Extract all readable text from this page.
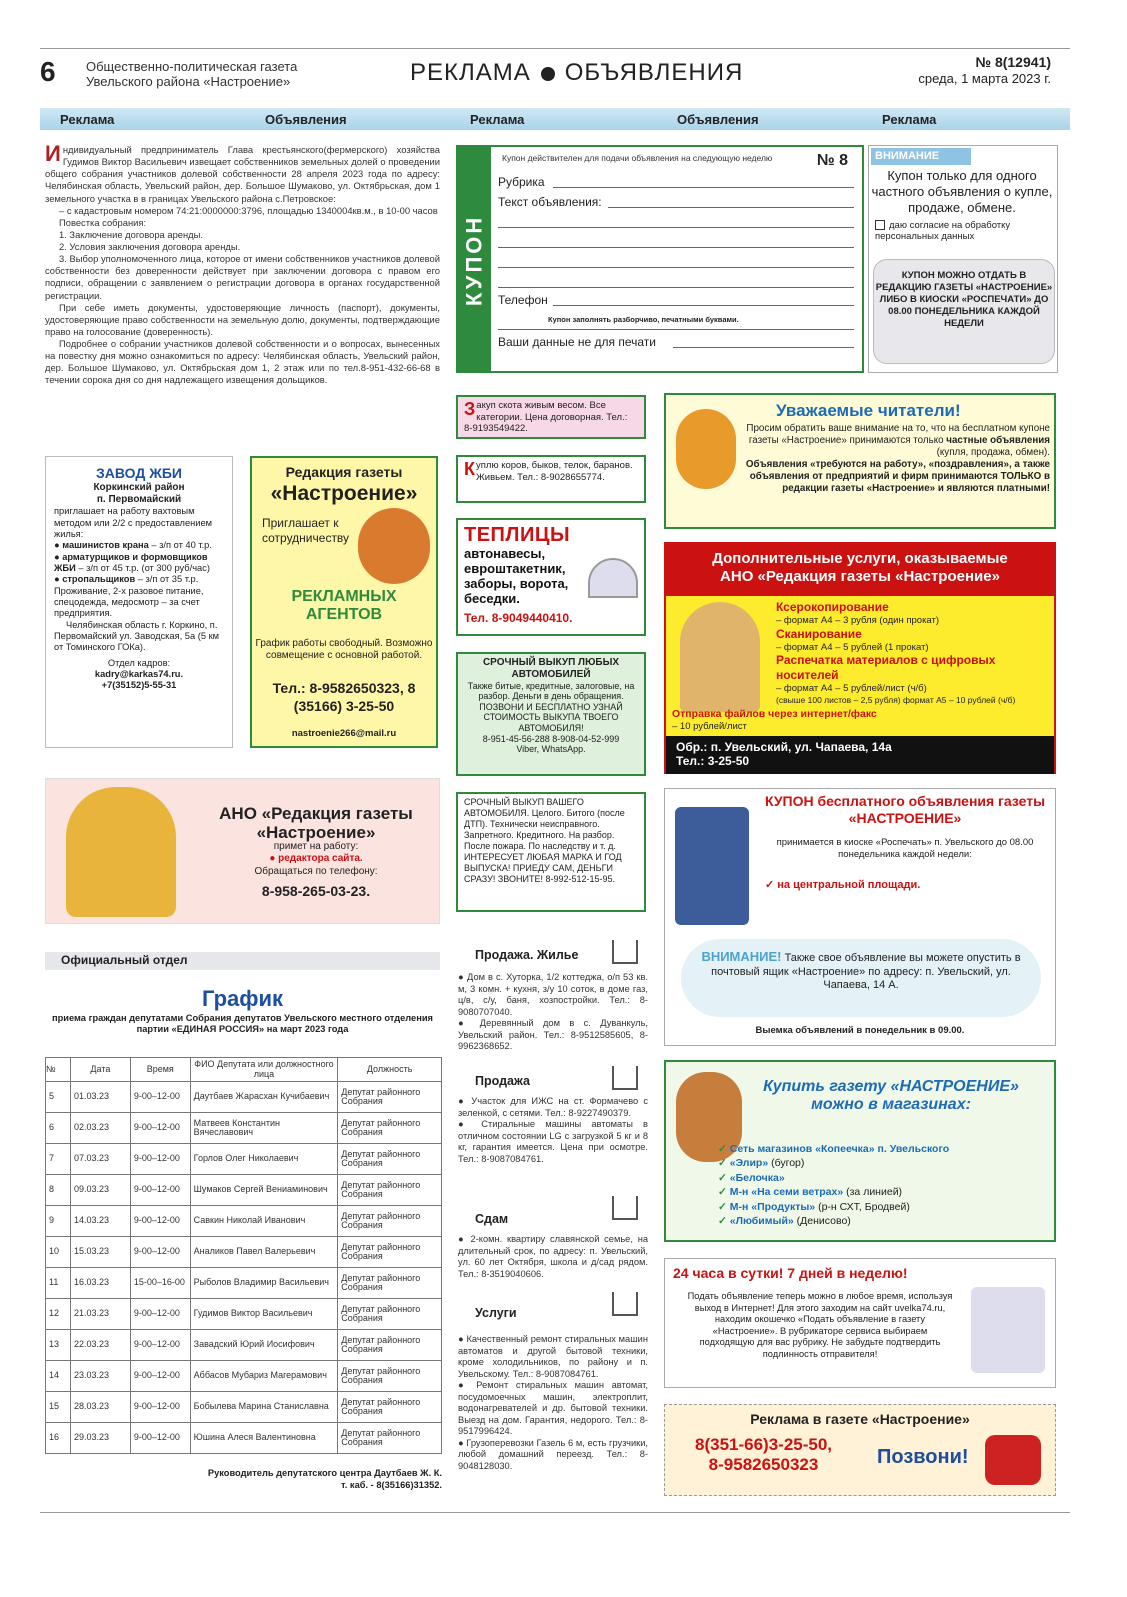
6 Общественно-политическая газета
Увельского района «Настроение»	РЕКЛАМА ОБЪЯВЛЕНИЯ	№ 8(12941)
среда, 1 марта 2023 г.
Реклама	Объявления	Реклама	Объявления	Реклама

Индивидуальный предприниматель Глава крестьянского(фермерского) хозяйства Гудимов Виктор Васильевич извещает собственников земельных долей о проведении общего собрания участников долевой собственности 28 апреля 2023 года по адресу: Челябинская область, Увельский район, дер. Большое Шумаково, ул. Октябрьская, дом 1 земельного участка в в границах Увельского района с.Петровское:

– с кадастровым номером 74:21:0000000:3796, площадью 1340004кв.м., в 10-00 часов

Повестка собрания:

1. Заключение договора аренды.

2. Условия заключения договора аренды.

3. Выбор уполномоченного лица, которое от имени собственников участников долевой собственности без доверенности действует при заключении договора с правом его подписи, обращении с заявлением о регистрации договора в органах государственной регистрации.

При себе иметь документы, удостоверяющие личность (паспорт), документы, удостоверяющие право собственности на земельную долю, документы, подтверждающие право на голосование (доверенность).

Подробнее о собрании участников долевой собственности и о вопросах, вынесенных на повестку дня можно ознакомиться по адресу: Челябинская область, Увельский район, дер. Большое Шумаково, ул. Октябрьская дом 1, 2 этаж или по тел.8-951-432-66-68 в течении сорока дня со дня надлежащего извещения дольщиков.

КУПОН
Купон действителен для подачи объявления на следующую неделю	№ 8
Рубрика
Текст объявления:
Телефон
Купон заполнять разборчиво, печатными буквами.
Ваши данные не для печати
ВНИМАНИЕ
Купон только для одного частного объявления о купле, продаже, обмене.
даю согласие на обработку персональных данных
КУПОН МОЖНО ОТДАТЬ В РЕДАКЦИЮ ГАЗЕТЫ «НАСТРОЕНИЕ» ЛИБО В КИОСКИ «РОСПЕЧАТИ» ДО 08.00 ПОНЕДЕЛЬНИКА КАЖДОЙ НЕДЕЛИ
Закуп скота живым весом. Все категории. Цена договорная. Тел.: 8-9193549422.
Куплю коров, быков, телок, баранов. Живьем. Тел.: 8-9028655774.
ТЕПЛИЦЫ
автонавесы, евроштакетник, заборы, ворота, беседки.
Тел. 8-9049440410.
СРОЧНЫЙ ВЫКУП ЛЮБЫХ АВТОМОБИЛЕЙ
Также битые, кредитные, залоговые, на разбор. Деньги в день обращения. ПОЗВОНИ И БЕСПЛАТНО УЗНАЙ СТОИМОСТЬ ВЫКУПА ТВОЕГО АВТОМОБИЛЯ!
8-951-45-56-288 8-908-04-52-999
Viber, WhatsApp.
СРОЧНЫЙ ВЫКУП ВАШЕГО АВТОМОБИЛЯ. Целого. Битого (после ДТП). Технически неисправного. Запретного. Кредитного. На разбор. После пожара. По наследству и т. д. ИНТЕРЕСУЕТ ЛЮБАЯ МАРКА И ГОД ВЫПУСКА! ПРИЕДУ САМ, ДЕНЬГИ СРАЗУ! ЗВОНИТЕ! 8-992-512-15-95.
Уважаемые читатели!
Просим обратить ваше внимание на то, что на бесплатном купоне газеты «Настроение» принимаются только частные объявления (купля, продажа, обмен).
Объявления «требуются на работу», «поздравления», а также объявления от предприятий и фирм принимаются ТОЛЬКО в редакции газеты «Настроение» и являются платными!
Дополнительные услуги, оказываемые
АНО «Редакция газеты «Настроение»
Ксерокопирование
– формат А4 – 3 рубля (один прокат)
Сканирование
– формат А4 – 5 рублей (1 прокат)
Распечатка материалов с цифровых носителей
– формат А4 – 5 рублей/лист (ч/б)
(свыше 100 листов – 2,5 рубля) формат А5 – 10 рублей (ч/б)
Отправка файлов через интернет/факс
– 10 рублей/лист
Обр.: п. Увельский, ул. Чапаева, 14а
Тел.: 3-25-50
КУПОН бесплатного объявления газеты «НАСТРОЕНИЕ»
принимается в киоске «Роспечать» п. Увельского до 08.00 понедельника каждой недели:
✓ на центральной площади.
ВНИМАНИЕ! Также свое объявление вы можете опустить в почтовый ящик «Настроение» по адресу: п. Увельский, ул. Чапаева, 14 А.
Выемка объявлений в понедельник в 09.00.
Купить газету «НАСТРОЕНИЕ» можно в магазинах:
✓ Сеть магазинов «Копеечка» п. Увельского
✓ «Элир» (бугор)
✓ «Белочка»
✓ М-н «На семи ветрах» (за линией)
✓ М-н «Продукты» (р-н СХТ, Бродвей)
✓ «Любимый» (Денисово)
24 часа в сутки! 7 дней в неделю!
Подать объявление теперь можно в любое время, используя выход в Интернет! Для этого заходим на сайт uvelka74.ru, находим окошечко «Подать объявление в газету «Настроение». В рубрикаторе сервиса выбираем подходящую для вас рубрику. Не забудьте подтвердить подлинность отправителя!
Реклама в газете «Настроение»
8(351-66)3-25-50,
8-9582650323	Позвони!
ЗАВОД ЖБИ
Коркинский район
п. Первомайский

приглашает на работу вахтовым методом или 2/2 с предоставлением жилья:

● машинистов крана – з/п от 40 т.р.

● арматурщиков и формовщиков ЖБИ – з/п от 45 т.р. (от 300 руб/час)

● стропальщиков – з/п от 35 т.р.

Проживание, 2-х разовое питание, спецодежда, медосмотр – за счет предприятия.

Челябинская область г. Коркино, п. Первомайский ул. Заводская, 5а (5 км от Томинского ГОКа).

Отдел кадров:

kadry@karkas74.ru.

+7(35152)5-55-31

Редакция газеты
«Настроение»
Приглашает к сотрудничеству
РЕКЛАМНЫХ АГЕНТОВ
График работы свободный. Возможно совмещение с основной работой.
Тел.: 8-9582650323, 8 (35166) 3-25-50
nastroenie266@mail.ru
АНО «Редакция газеты «Настроение»
примет на работу:
● редактора сайта.
Обращаться по телефону:
8-958-265-03-23.
Официальный отдел
График
приема граждан депутатами Собрания депутатов Увельского местного отделения партии «ЕДИНАЯ РОССИЯ» на март 2023 года
№	Дата	Время	ФИО Депутата или должностного лица	Должность
5	01.03.23	9-00–12-00	Даутбаев Жарасхан Кучибаевич	Депутат районного Собрания
6	02.03.23	9-00–12-00	Матвеев Константин Вячеславович	Депутат районного Собрания
7	07.03.23	9-00–12-00	Горлов Олег Николаевич	Депутат районного Собрания
8	09.03.23	9-00–12-00	Шумаков Сергей Вениаминович	Депутат районного Собрания
9	14.03.23	9-00–12-00	Савкин Николай Иванович	Депутат районного Собрания
10	15.03.23	9-00–12-00	Аналиков Павел Валерьевич	Депутат районного Собрания
11	16.03.23	15-00–16-00	Рыболов Владимир Васильевич	Депутат районного Собрания
12	21.03.23	9-00–12-00	Гудимов Виктор Васильевич	Депутат районного Собрания
13	22.03.23	9-00–12-00	Завадский Юрий Иосифович	Депутат районного Собрания
14	23.03.23	9-00–12-00	Аббасов Мубариз Магерамович	Депутат районного Собрания
15	28.03.23	9-00–12-00	Бобылева Марина Станиславна	Депутат районного Собрания
16	29.03.23	9-00–12-00	Юшина Алеся Валентиновна	Депутат районного Собрания
Руководитель депутатского центра Даутбаев Ж. К.
т. каб. - 8(35166)31352.
Продажа. Жилье

● Дом в с. Хуторка, 1/2 коттеджа, о/п 53 кв. м, 3 комн. + кухня, з/у 10 соток, в доме газ, ц/в, с/у, баня, хозпостройки. Тел.: 8-9080707040.

● Деревянный дом в с. Дуванкуль, Увельский район. Тел.: 8-9512585605, 8-9962368652.

Продажа

● Участок для ИЖС на ст. Формачево с зеленкой, с сетями. Тел.: 8-9227490379.

● Стиральные машины автоматы в отличном состоянии LG с загрузкой 5 кг и 8 кг, гарантия имеется. Цена при осмотре. Тел.: 8-9087084761.

Сдам

● 2-комн. квартиру славянской семье, на длительный срок, по адресу: п. Увельский, ул. 60 лет Октября, школа и д/сад рядом. Тел.: 8-3519040606.

Услуги

● Качественный ремонт стиральных машин автоматов и другой бытовой техники, кроме холодильников, по району и п. Увельскому. Тел.: 8-9087084761.

● Ремонт стиральных машин автомат, посудомоечных машин, электроплит, водонагревателей и др. бытовой техники. Выезд на дом. Гарантия, недорого. Тел.: 8-9517996424.

● Грузоперевозки Газель 6 м, есть грузчики, любой домашний переезд. Тел.: 8-9048128030.
